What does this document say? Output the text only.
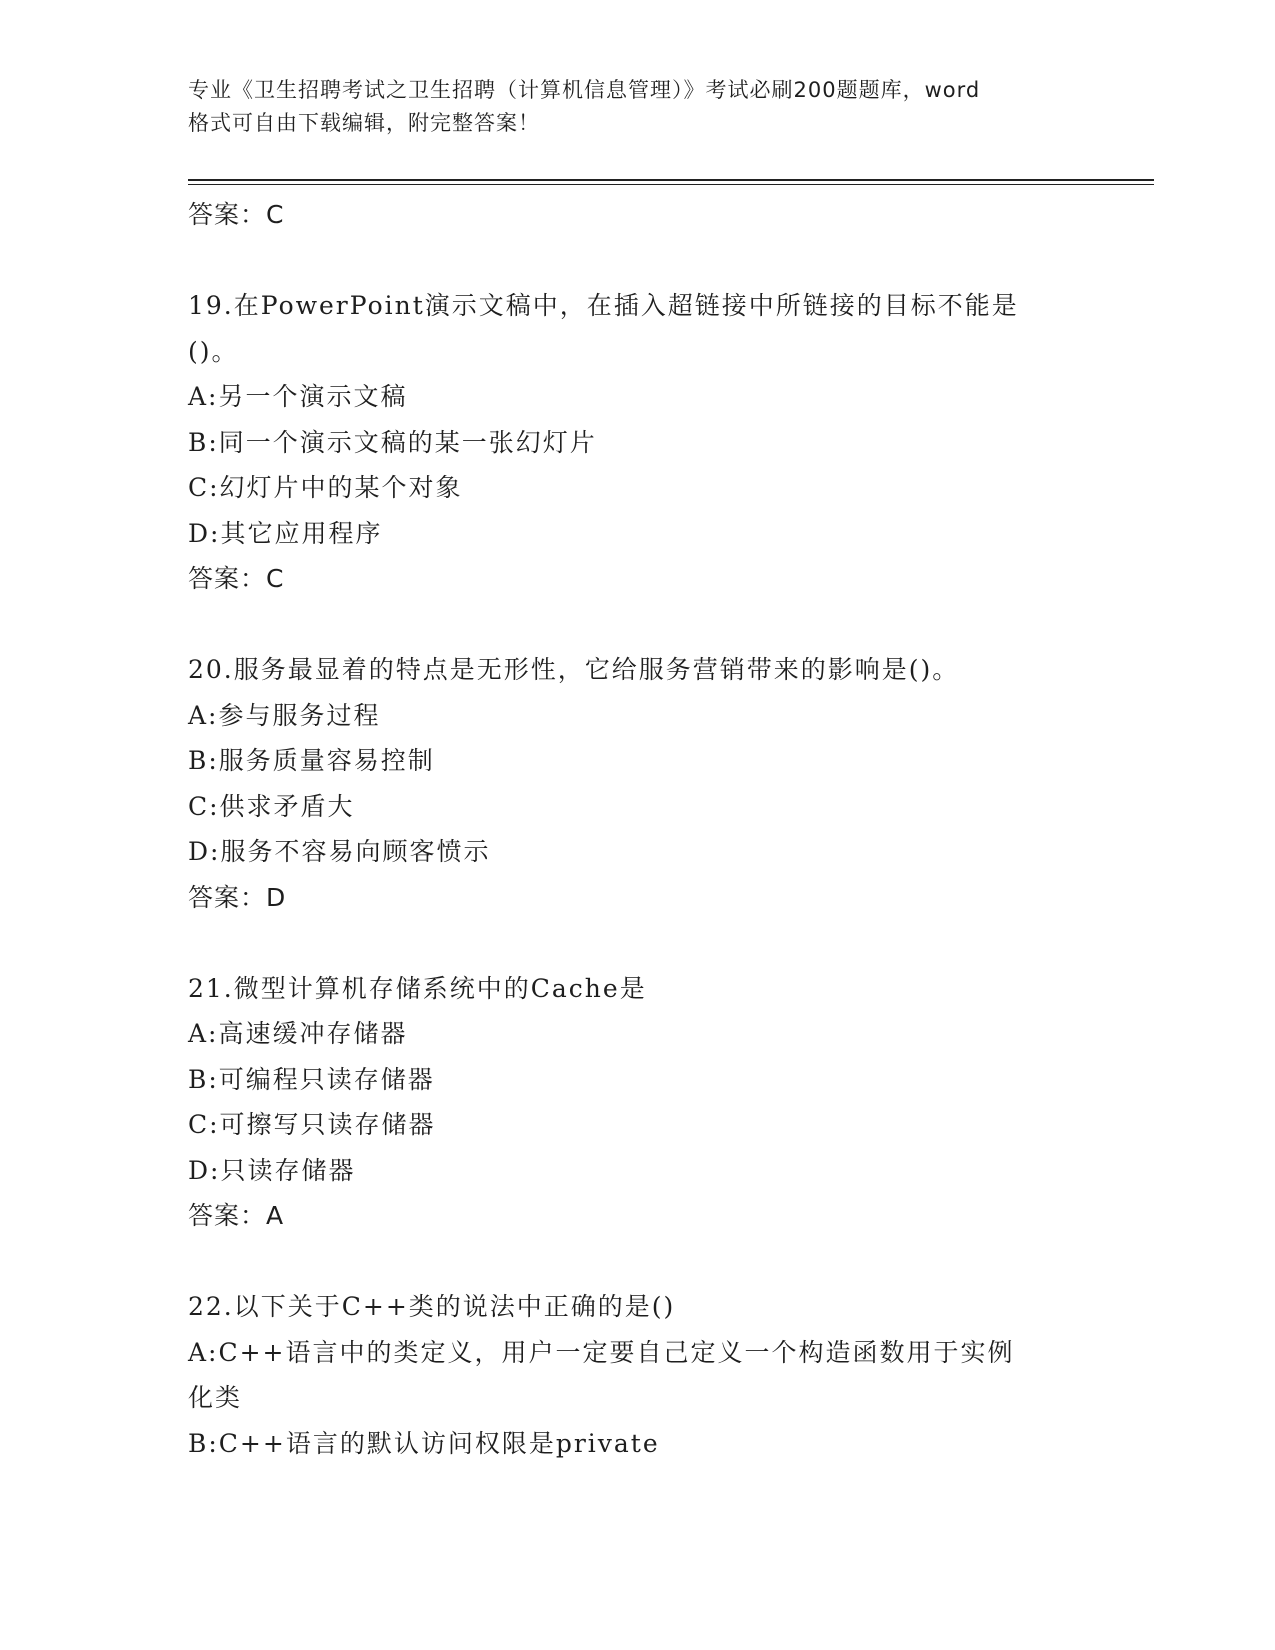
专业《卫生招聘考试之卫生招聘（计算机信息管理）》考试必刷200题题库，word
格式可自由下载编辑，附完整答案！
答案：C
19.在PowerPoint演示文稿中，在插入超链接中所链接的目标不能是
()。
A:另一个演示文稿
B:同一个演示文稿的某一张幻灯片
C:幻灯片中的某个对象
D:其它应用程序
答案：C
20.服务最显着的特点是无形性，它给服务营销带来的影响是()。
A:参与服务过程
B:服务质量容易控制
C:供求矛盾大
D:服务不容易向顾客愤示
答案：D
21.微型计算机存储系统中的Cache是
A:高速缓冲存储器
B:可编程只读存储器
C:可擦写只读存储器
D:只读存储器
答案：A
22.以下关于C++类的说法中正确的是()
A:C++语言中的类定义，用户一定要自己定义一个构造函数用于实例
化类
B:C++语言的默认访问权限是private
